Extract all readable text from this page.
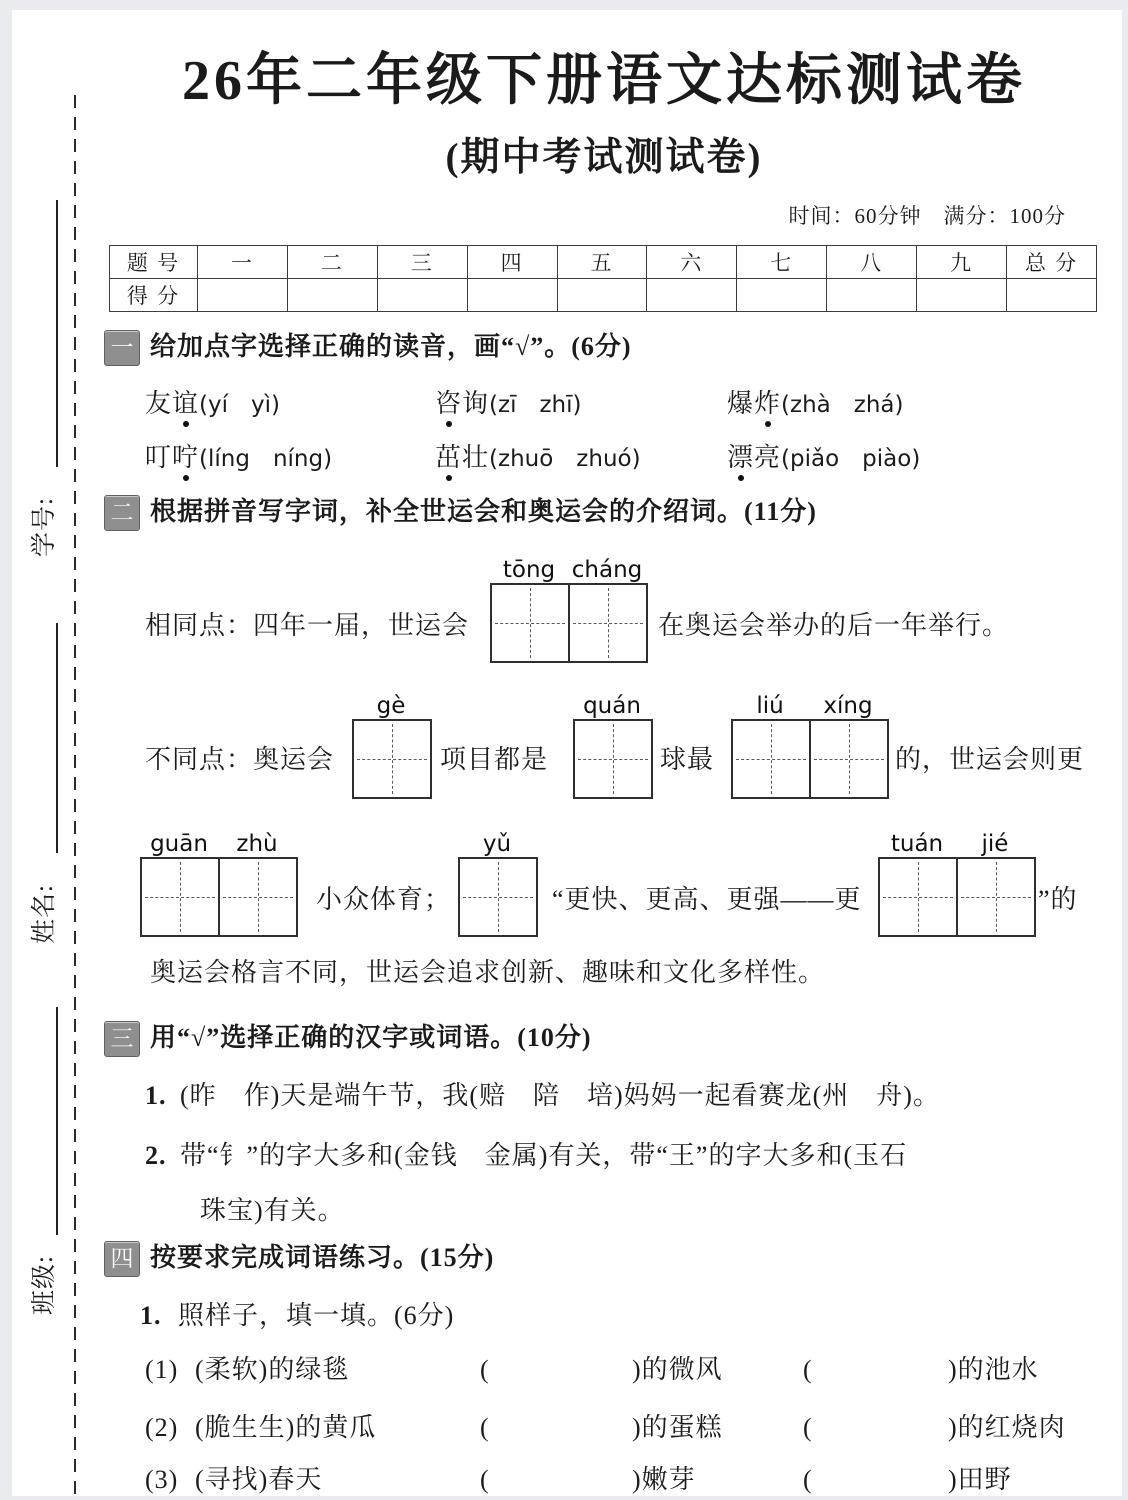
学号:
姓名:
班级:
26年二年级下册语文达标测试卷
(期中考试测试卷)
时间：60分钟　满分：100分
题 号	一	二	三	四	五	六	七	八	九	总 分
得 分										
一 给加点字选择正确的读音，画“√”。(6分)
友谊(yí　yì)	咨询(zī　zhī)	爆炸(zhà　zhá)
叮咛(líng　níng)	茁壮(zhuō　zhuó)	漂亮(piǎo　piào)
二 根据拼音写字词，补全世运会和奥运会的介绍词。(11分)
相同点：四年一届，世运会
tōng cháng
在奥运会举办的后一年举行。
不同点：奥运会
gè
项目都是
quán
球最
liú	xíng
的，世运会则更
guān	zhù
小众体育；
yǔ
“更快、更高、更强——更
tuán	jié
”的
奥运会格言不同，世运会追求创新、趣味和文化多样性。
三 用“√”选择正确的汉字或词语。(10分)
1. (昨　作)天是端午节，我(赔　陪　培)妈妈一起看赛龙(州　舟)。
2. 带“钅”的字大多和(金钱　金属)有关，带“王”的字大多和(玉石
珠宝)有关。
四 按要求完成词语练习。(15分)
1. 照样子，填一填。(6分)
(1) (柔软)的绿毯	(	)的微风	(	)的池水
(2) (脆生生)的黄瓜	(	)的蛋糕	(	)的红烧肉
(3) (寻找)春天	(	)嫩芽	(	)田野
